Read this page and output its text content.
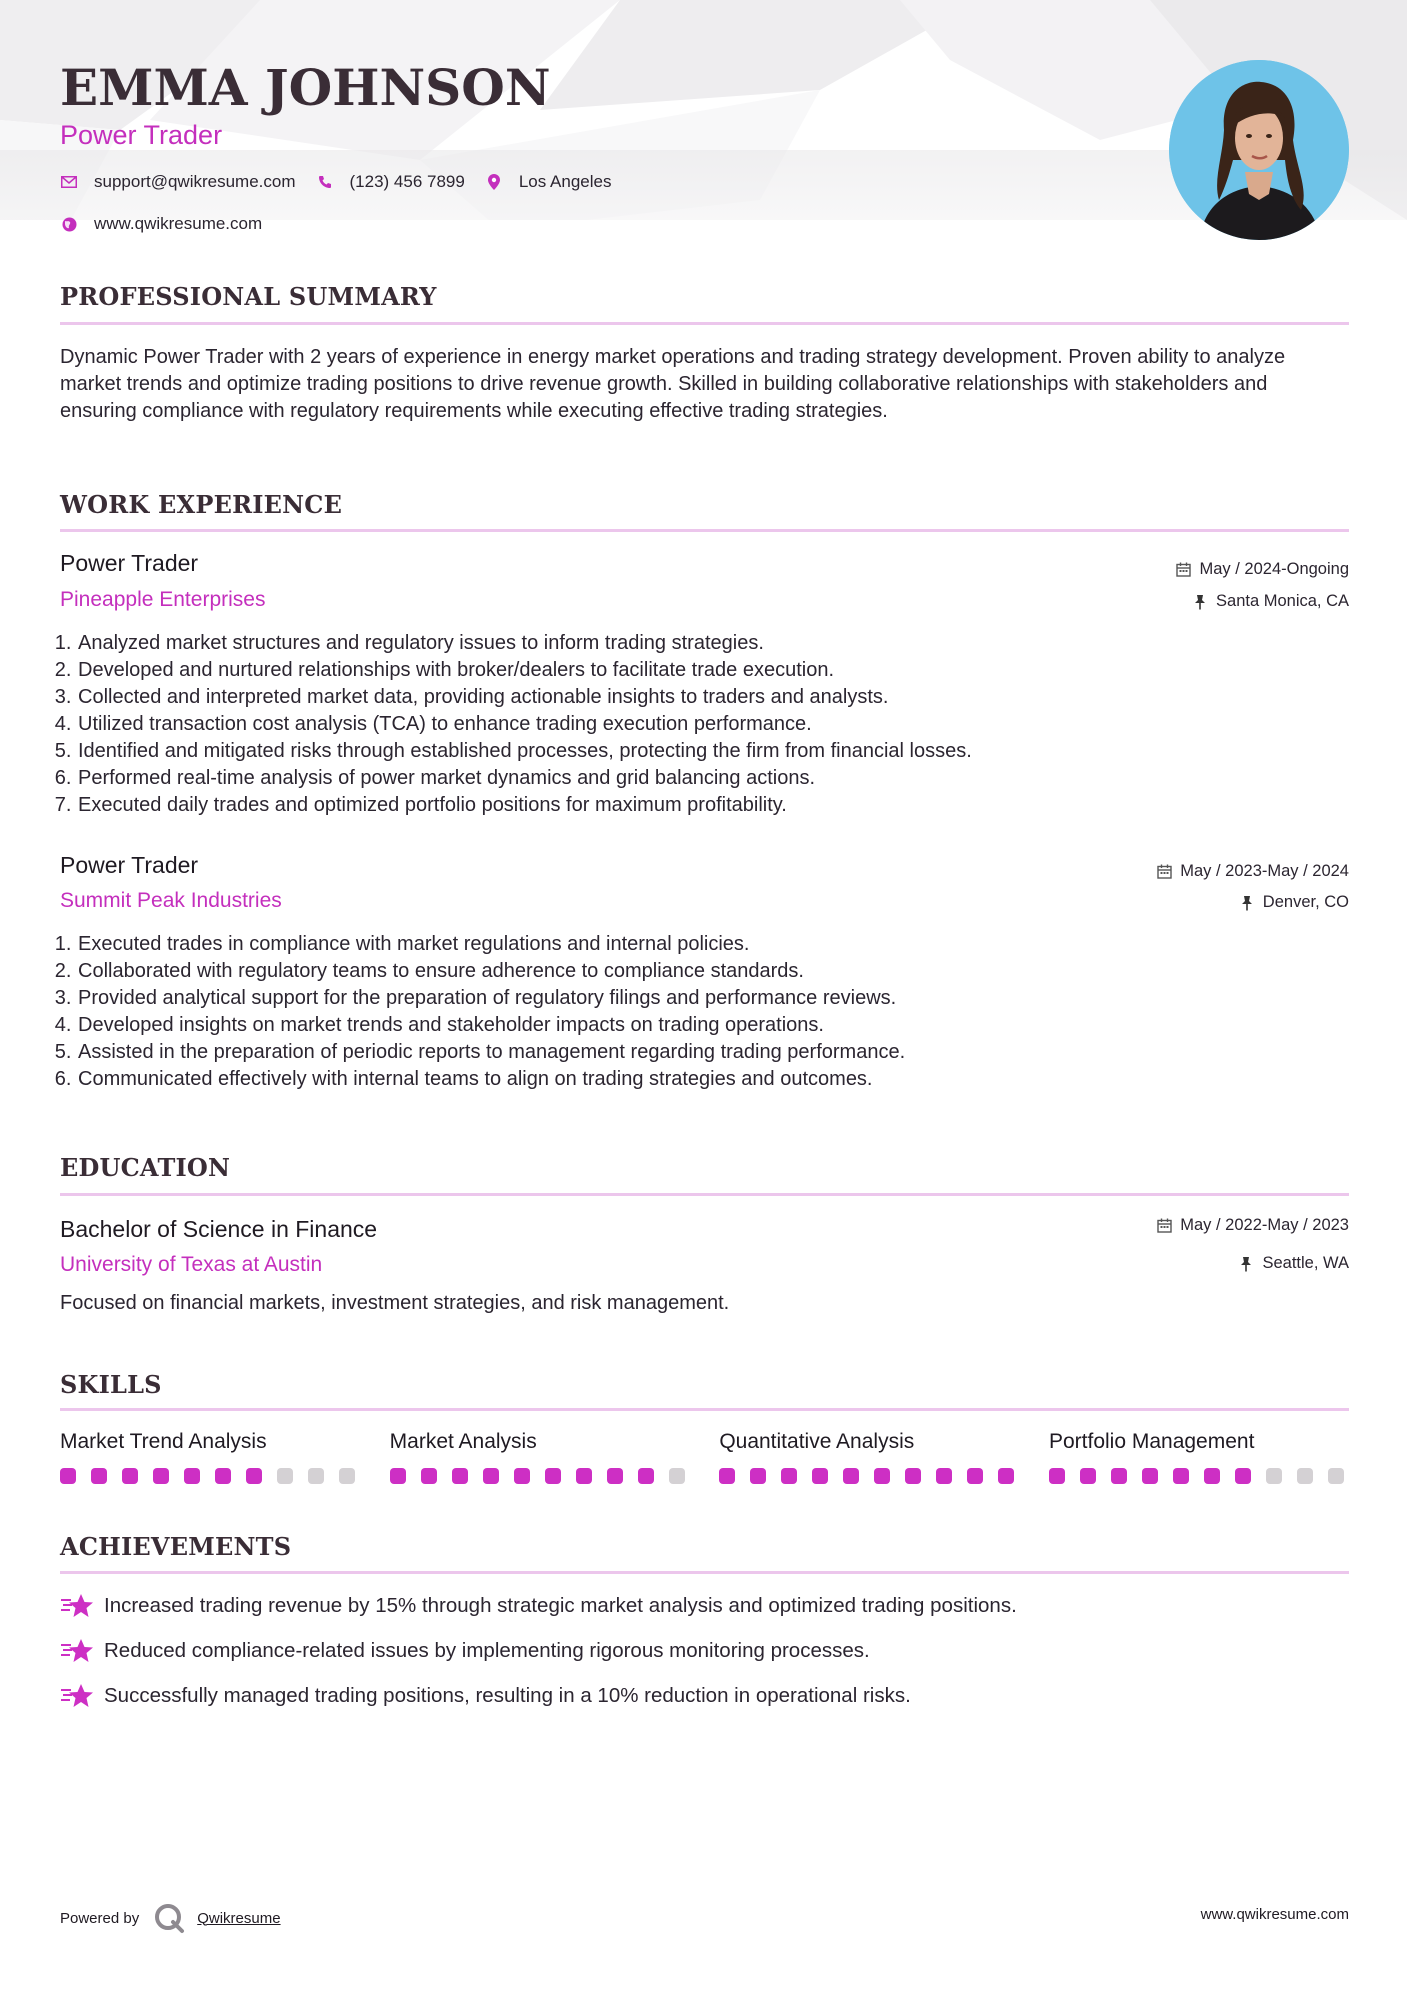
EMMA JOHNSON
Power Trader
support@qwikresume.com	(123) 456 7899	Los Angeles
www.qwikresume.com
PROFESSIONAL SUMMARY
Dynamic Power Trader with 2 years of experience in energy market operations and trading strategy development. Proven ability to analyze market trends and optimize trading positions to drive revenue growth. Skilled in building collaborative relationships with stakeholders and ensuring compliance with regulatory requirements while executing effective trading strategies.
WORK EXPERIENCE
Power Trader
Pineapple Enterprises
May / 2024-Ongoing
Santa Monica, CA
1. Analyzed market structures and regulatory issues to inform trading strategies.
2. Developed and nurtured relationships with broker/dealers to facilitate trade execution.
3. Collected and interpreted market data, providing actionable insights to traders and analysts.
4. Utilized transaction cost analysis (TCA) to enhance trading execution performance.
5. Identified and mitigated risks through established processes, protecting the firm from financial losses.
6. Performed real-time analysis of power market dynamics and grid balancing actions.
7. Executed daily trades and optimized portfolio positions for maximum profitability.
Power Trader
Summit Peak Industries
May / 2023-May / 2024
Denver, CO
1. Executed trades in compliance with market regulations and internal policies.
2. Collaborated with regulatory teams to ensure adherence to compliance standards.
3. Provided analytical support for the preparation of regulatory filings and performance reviews.
4. Developed insights on market trends and stakeholder impacts on trading operations.
5. Assisted in the preparation of periodic reports to management regarding trading performance.
6. Communicated effectively with internal teams to align on trading strategies and outcomes.
EDUCATION
Bachelor of Science in Finance
University of Texas at Austin
May / 2022-May / 2023
Seattle, WA
Focused on financial markets, investment strategies, and risk management.
SKILLS
Market Trend Analysis	Market Analysis	Quantitative Analysis	Portfolio Management
ACHIEVEMENTS
Increased trading revenue by 15% through strategic market analysis and optimized trading positions.
Reduced compliance-related issues by implementing rigorous monitoring processes.
Successfully managed trading positions, resulting in a 10% reduction in operational risks.
Powered by	Qwikresume	www.qwikresume.com
